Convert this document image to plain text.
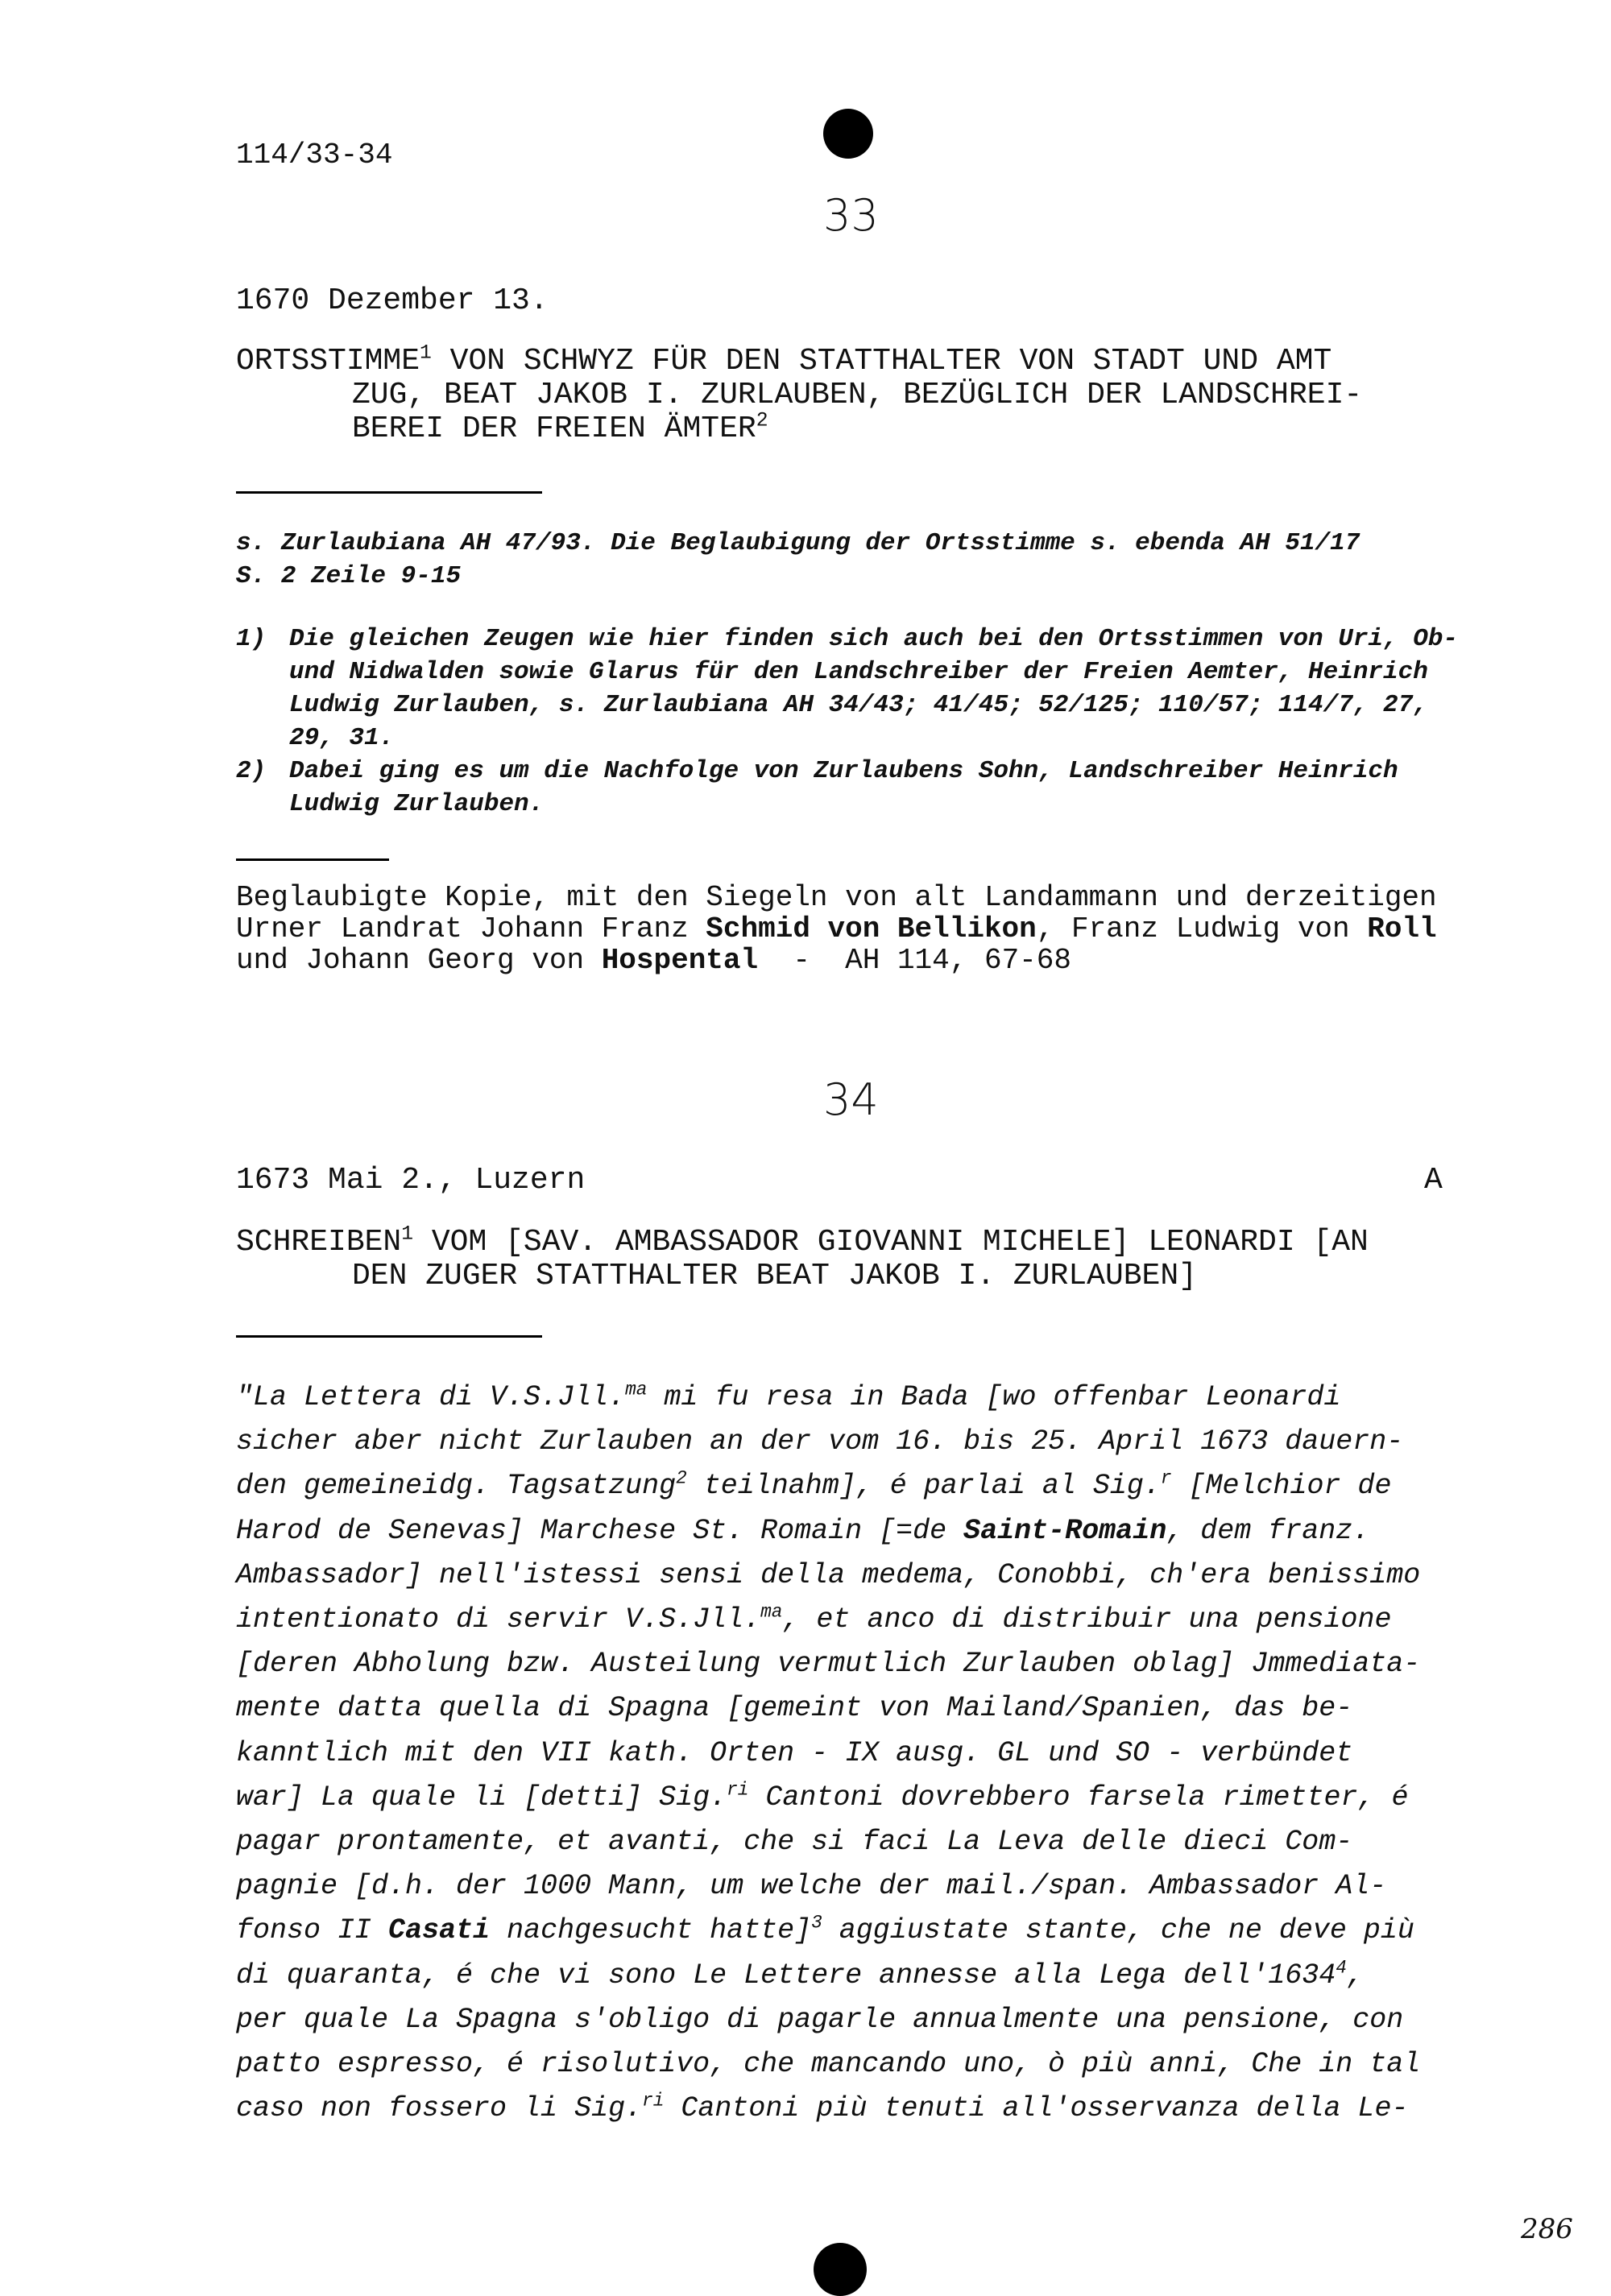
114/33-34
33
1670 Dezember 13.
ORTSSTIMME$^1$ VON SCHWYZ FÜR DEN STATTHALTER VON STADT UND AMT
ZUG, BEAT JAKOB I. ZURLAUBEN, BEZÜGLICH DER LANDSCHREI-
BEREI DER FREIEN ÄMTER$^2$
s. Zurlaubiana AH 47/93. Die Beglaubigung der Ortsstimme s. ebenda AH 51/17
S. 2 Zeile 9-15
1) Die gleichen Zeugen wie hier finden sich auch bei den Ortsstimmen von Uri, Ob- und Nidwalden sowie Glarus für den Landschreiber der Freien Aemter, Heinrich Ludwig Zurlauben, s. Zurlaubiana AH 34/43; 41/45; 52/125; 110/57; 114/7, 27, 29, 31.
2) Dabei ging es um die Nachfolge von Zurlaubens Sohn, Landschreiber Heinrich Ludwig Zurlauben.
Beglaubigte Kopie, mit den Siegeln von alt Landammann und derzeitigen Urner Landrat Johann Franz Schmid von Bellikon, Franz Ludwig von Roll und Johann Georg von Hospental  -  AH 114, 67-68
34
1673 Mai 2., Luzern	A
SCHREIBEN$^1$ VOM [SAV. AMBASSADOR GIOVANNI MICHELE] LEONARDI [AN
DEN ZUGER STATTHALTER BEAT JAKOB I. ZURLAUBEN]
"La Lettera di V.S.Jll.$^{ma}$ mi fu resa in Bada [wo offenbar Leonardi
sicher aber nicht Zurlauben an der vom 16. bis 25. April 1673 dauern-
den gemeineidg. Tagsatzung$^2$ teilnahm], é parlai al Sig.$^r$ [Melchior de
Harod de Senevas] Marchese St. Romain [=de Saint-Romain, dem franz.
Ambassador] nell'istessi sensi della medema, Conobbi, ch'era benissimo
intentionato di servir V.S.Jll.$^{ma}$, et anco di distribuir una pensione
[deren Abholung bzw. Austeilung vermutlich Zurlauben oblag] Jmmediata-
mente datta quella di Spagna [gemeint von Mailand/Spanien, das be-
kanntlich mit den VII kath. Orten - IX ausg. GL und SO - verbündet
war] La quale li [detti] Sig.$^{ri}$ Cantoni dovrebbero farsela rimetter, é
pagar prontamente, et avanti, che si faci La Leva delle dieci Com-
pagnie [d.h. der 1000 Mann, um welche der mail./span. Ambassador Al-
fonso II Casati nachgesucht hatte]$^3$ aggiustate stante, che ne deve più
di quaranta, é che vi sono Le Lettere annesse alla Lega dell'1634$^4$,
per quale La Spagna s'obligo di pagarle annualmente una pensione, con
patto espresso, é risolutivo, che mancando uno, ò più anni, Che in tal
caso non fossero li Sig.$^{ri}$ Cantoni più tenuti all'osservanza della Le-
286
